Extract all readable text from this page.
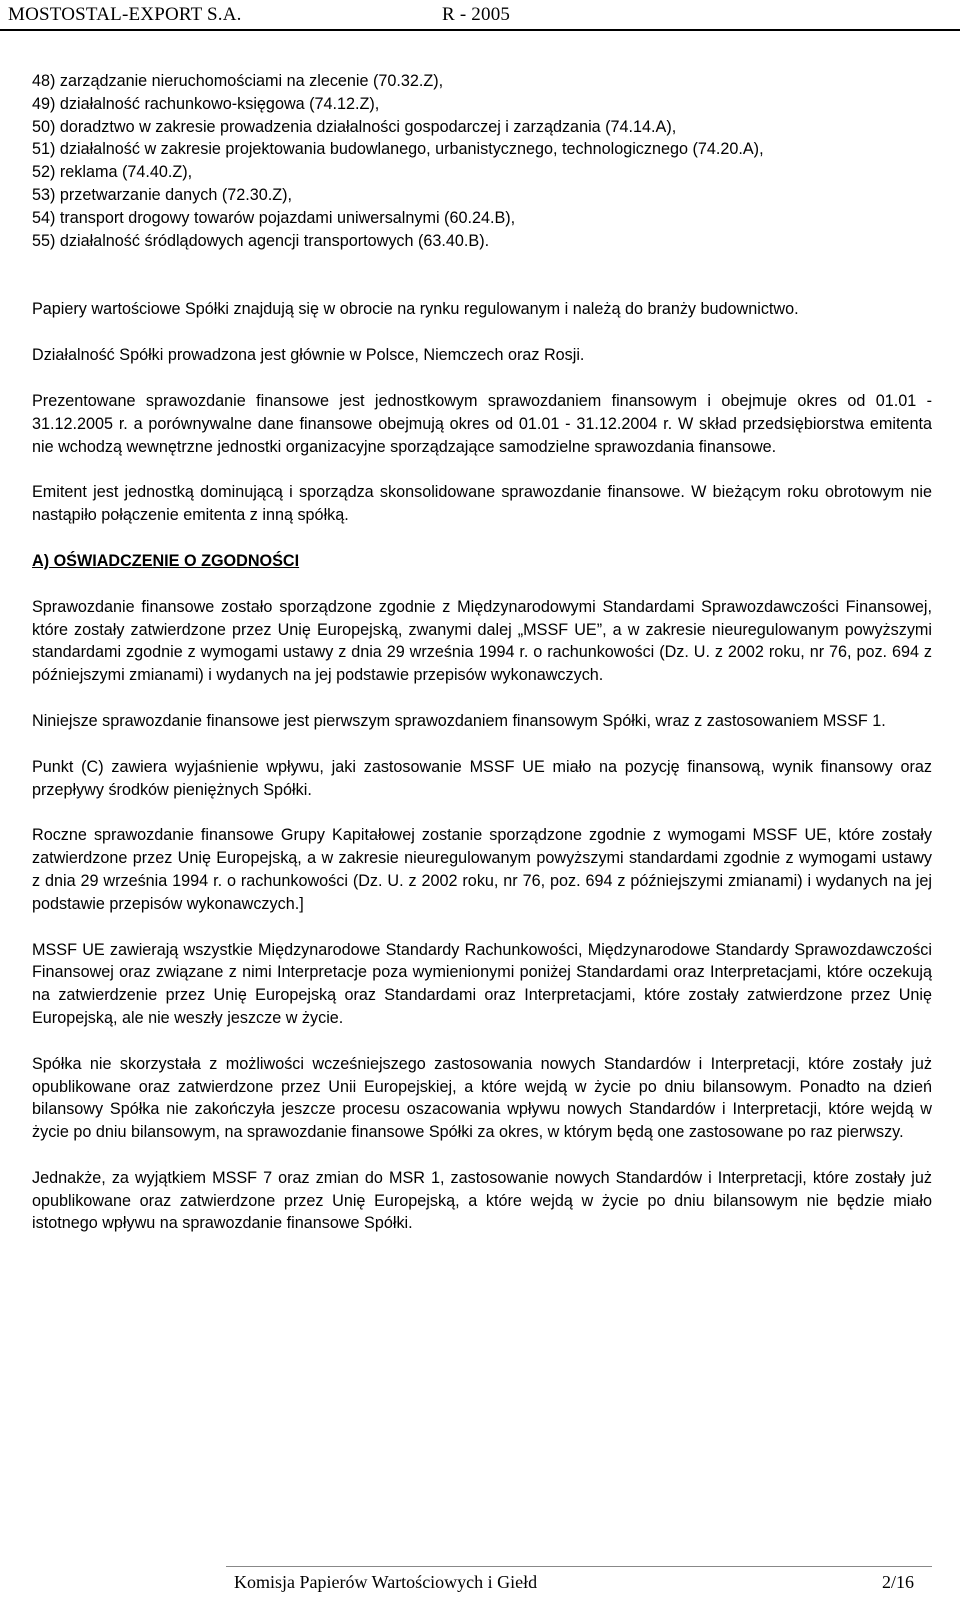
MOSTOSTAL-EXPORT S.A.	R - 2005
48) zarządzanie nieruchomościami na zlecenie (70.32.Z),
49) działalność rachunkowo-księgowa (74.12.Z),
50) doradztwo w zakresie prowadzenia działalności gospodarczej i zarządzania (74.14.A),
51) działalność w zakresie projektowania budowlanego, urbanistycznego, technologicznego (74.20.A),
52) reklama (74.40.Z),
53) przetwarzanie danych (72.30.Z),
54) transport drogowy towarów pojazdami uniwersalnymi (60.24.B),
55) działalność śródlądowych agencji transportowych (63.40.B).

Papiery wartościowe Spółki znajdują się w obrocie na rynku regulowanym i należą do branży budownictwo.

Działalność Spółki prowadzona jest głównie w Polsce, Niemczech oraz Rosji.

Prezentowane sprawozdanie finansowe jest jednostkowym sprawozdaniem finansowym i obejmuje okres od 01.01 - 31.12.2005 r. a porównywalne dane finansowe obejmują okres od 01.01 - 31.12.2004 r. W skład przedsiębiorstwa emitenta nie wchodzą wewnętrzne jednostki organizacyjne sporządzające samodzielne sprawozdania finansowe.

Emitent jest jednostką dominującą i sporządza skonsolidowane sprawozdanie finansowe. W bieżącym roku obrotowym nie nastąpiło połączenie emitenta z inną spółką.

A) OŚWIADCZENIE O ZGODNOŚCI

Sprawozdanie finansowe zostało sporządzone zgodnie z Międzynarodowymi Standardami Sprawozdawczości Finansowej, które zostały zatwierdzone przez Unię Europejską, zwanymi dalej „MSSF UE”, a w zakresie nieuregulowanym powyższymi standardami zgodnie z wymogami ustawy z dnia 29 września 1994 r. o rachunkowości (Dz. U. z 2002 roku, nr 76, poz. 694 z późniejszymi zmianami) i wydanych na jej podstawie przepisów wykonawczych.

Niniejsze sprawozdanie finansowe jest pierwszym sprawozdaniem finansowym Spółki, wraz z zastosowaniem MSSF 1.

Punkt (C) zawiera wyjaśnienie wpływu, jaki zastosowanie MSSF UE miało na pozycję finansową, wynik finansowy oraz przepływy środków pieniężnych Spółki.

Roczne sprawozdanie finansowe Grupy Kapitałowej zostanie sporządzone zgodnie z wymogami MSSF UE, które zostały zatwierdzone przez Unię Europejską, a w zakresie nieuregulowanym powyższymi standardami zgodnie z wymogami ustawy z dnia 29 września 1994 r. o rachunkowości (Dz. U. z 2002 roku, nr 76, poz. 694 z późniejszymi zmianami) i wydanych na jej podstawie przepisów wykonawczych.]

MSSF UE zawierają wszystkie Międzynarodowe Standardy Rachunkowości, Międzynarodowe Standardy Sprawozdawczości Finansowej oraz związane z nimi Interpretacje poza wymienionymi poniżej Standardami oraz Interpretacjami, które oczekują na zatwierdzenie przez Unię Europejską oraz Standardami oraz Interpretacjami, które zostały zatwierdzone przez Unię Europejską, ale nie weszły jeszcze w życie.

Spółka nie skorzystała z możliwości wcześniejszego zastosowania nowych Standardów i Interpretacji, które zostały już opublikowane oraz zatwierdzone przez Unii Europejskiej, a które wejdą w życie po dniu bilansowym. Ponadto na dzień bilansowy Spółka nie zakończyła jeszcze procesu oszacowania wpływu nowych Standardów i Interpretacji, które wejdą w życie po dniu bilansowym, na sprawozdanie finansowe Spółki za okres, w którym będą one zastosowane po raz pierwszy.

Jednakże, za wyjątkiem MSSF 7 oraz zmian do MSR 1, zastosowanie nowych Standardów i Interpretacji, które zostały już opublikowane oraz zatwierdzone przez Unię Europejską, a które wejdą w życie po dniu bilansowym nie będzie miało istotnego wpływu na sprawozdanie finansowe Spółki.

Komisja Papierów Wartościowych i Giełd	2/16
